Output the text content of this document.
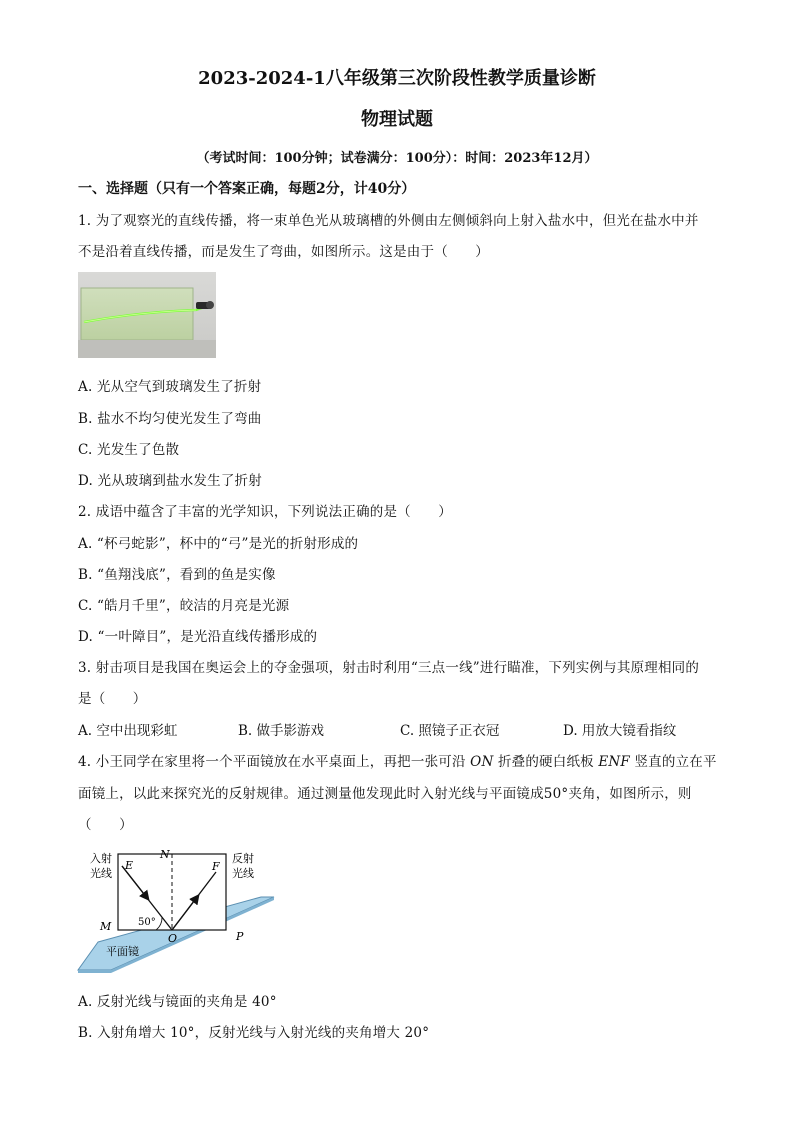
2023-2024-1八年级第三次阶段性教学质量诊断
物理试题
（考试时间：100分钟；试卷满分：100分）：时间：2023年12月）
一、选择题（只有一个答案正确，每题2分，计40分）
1. 为了观察光的直线传播，将一束单色光从玻璃槽的外侧由左侧倾斜向上射入盐水中，但光在盐水中并
不是沿着直线传播，而是发生了弯曲，如图所示。这是由于（　　）
A. 光从空气到玻璃发生了折射
B. 盐水不均匀使光发生了弯曲
C. 光发生了色散
D. 光从玻璃到盐水发生了折射
2. 成语中蕴含了丰富的光学知识，下列说法正确的是（　　）
A. “杯弓蛇影”，杯中的“弓”是光的折射形成的
B. “鱼翔浅底”，看到的鱼是实像
C. “皓月千里”，皎洁的月亮是光源
D. “一叶障目”，是光沿直线传播形成的
3. 射击项目是我国在奥运会上的夺金强项，射击时利用“三点一线”进行瞄准，下列实例与其原理相同的
是（　　）
A. 空中出现彩虹	B. 做手影游戏	C. 照镜子正衣冠	D. 用放大镜看指纹
4. 小王同学在家里将一个平面镜放在水平桌面上，再把一张可沿 ON 折叠的硬白纸板 ENF 竖直的立在平
面镜上，以此来探究光的反射规律。通过测量他发现此时入射光线与平面镜成50°夹角，如图所示，则
（　　）
入射
光线
反射
光线
E
N
F
M
O	P
50°
平面镜
A. 反射光线与镜面的夹角是 40°
B. 入射角增大 10°，反射光线与入射光线的夹角增大 20°
